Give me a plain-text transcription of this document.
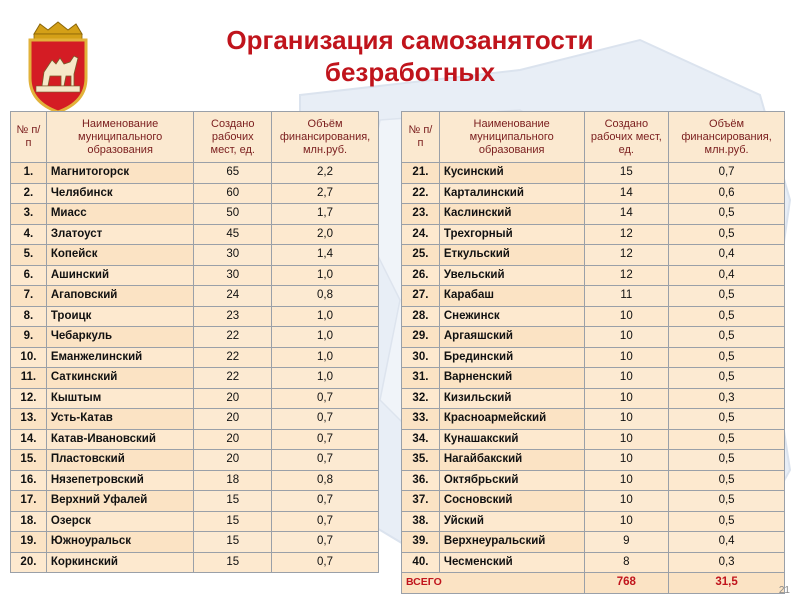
Организация самозанятости
безработных
№ п/п	Наименование муниципального образования	Создано рабочих мест, ед.	Объём финансирования, млн.руб.
1.	Магнитогорск	65	2,2
2.	Челябинск	60	2,7
3.	Миасс	50	1,7
4.	Златоуст	45	2,0
5.	Копейск	30	1,4
6.	Ашинский	30	1,0
7.	Агаповский	24	0,8
8.	Троицк	23	1,0
9.	Чебаркуль	22	1,0
10.	Еманжелинский	22	1,0
11.	Саткинский	22	1,0
12.	Кыштым	20	0,7
13.	Усть-Катав	20	0,7
14.	Катав-Ивановский	20	0,7
15.	Пластовский	20	0,7
16.	Нязепетровский	18	0,8
17.	Верхний Уфалей	15	0,7
18.	Озерск	15	0,7
19.	Южноуральск	15	0,7
20.	Коркинский	15	0,7
№ п/п	Наименование муниципального образования	Создано рабочих мест, ед.	Объём финансирования, млн.руб.
21.	Кусинский	15	0,7
22.	Карталинский	14	0,6
23.	Каслинский	14	0,5
24.	Трехгорный	12	0,5
25.	Еткульский	12	0,4
26.	Увельский	12	0,4
27.	Карабаш	11	0,5
28.	Снежинск	10	0,5
29.	Аргаяшский	10	0,5
30.	Брединский	10	0,5
31.	Варненский	10	0,5
32.	Кизильский	10	0,3
33.	Красноармейский	10	0,5
34.	Кунашакский	10	0,5
35.	Нагайбакский	10	0,5
36.	Октябрьский	10	0,5
37.	Сосновский	10	0,5
38.	Уйский	10	0,5
39.	Верхнеуральский	9	0,4
40.	Чесменский	8	0,3
ВСЕГО		768	31,5
21
